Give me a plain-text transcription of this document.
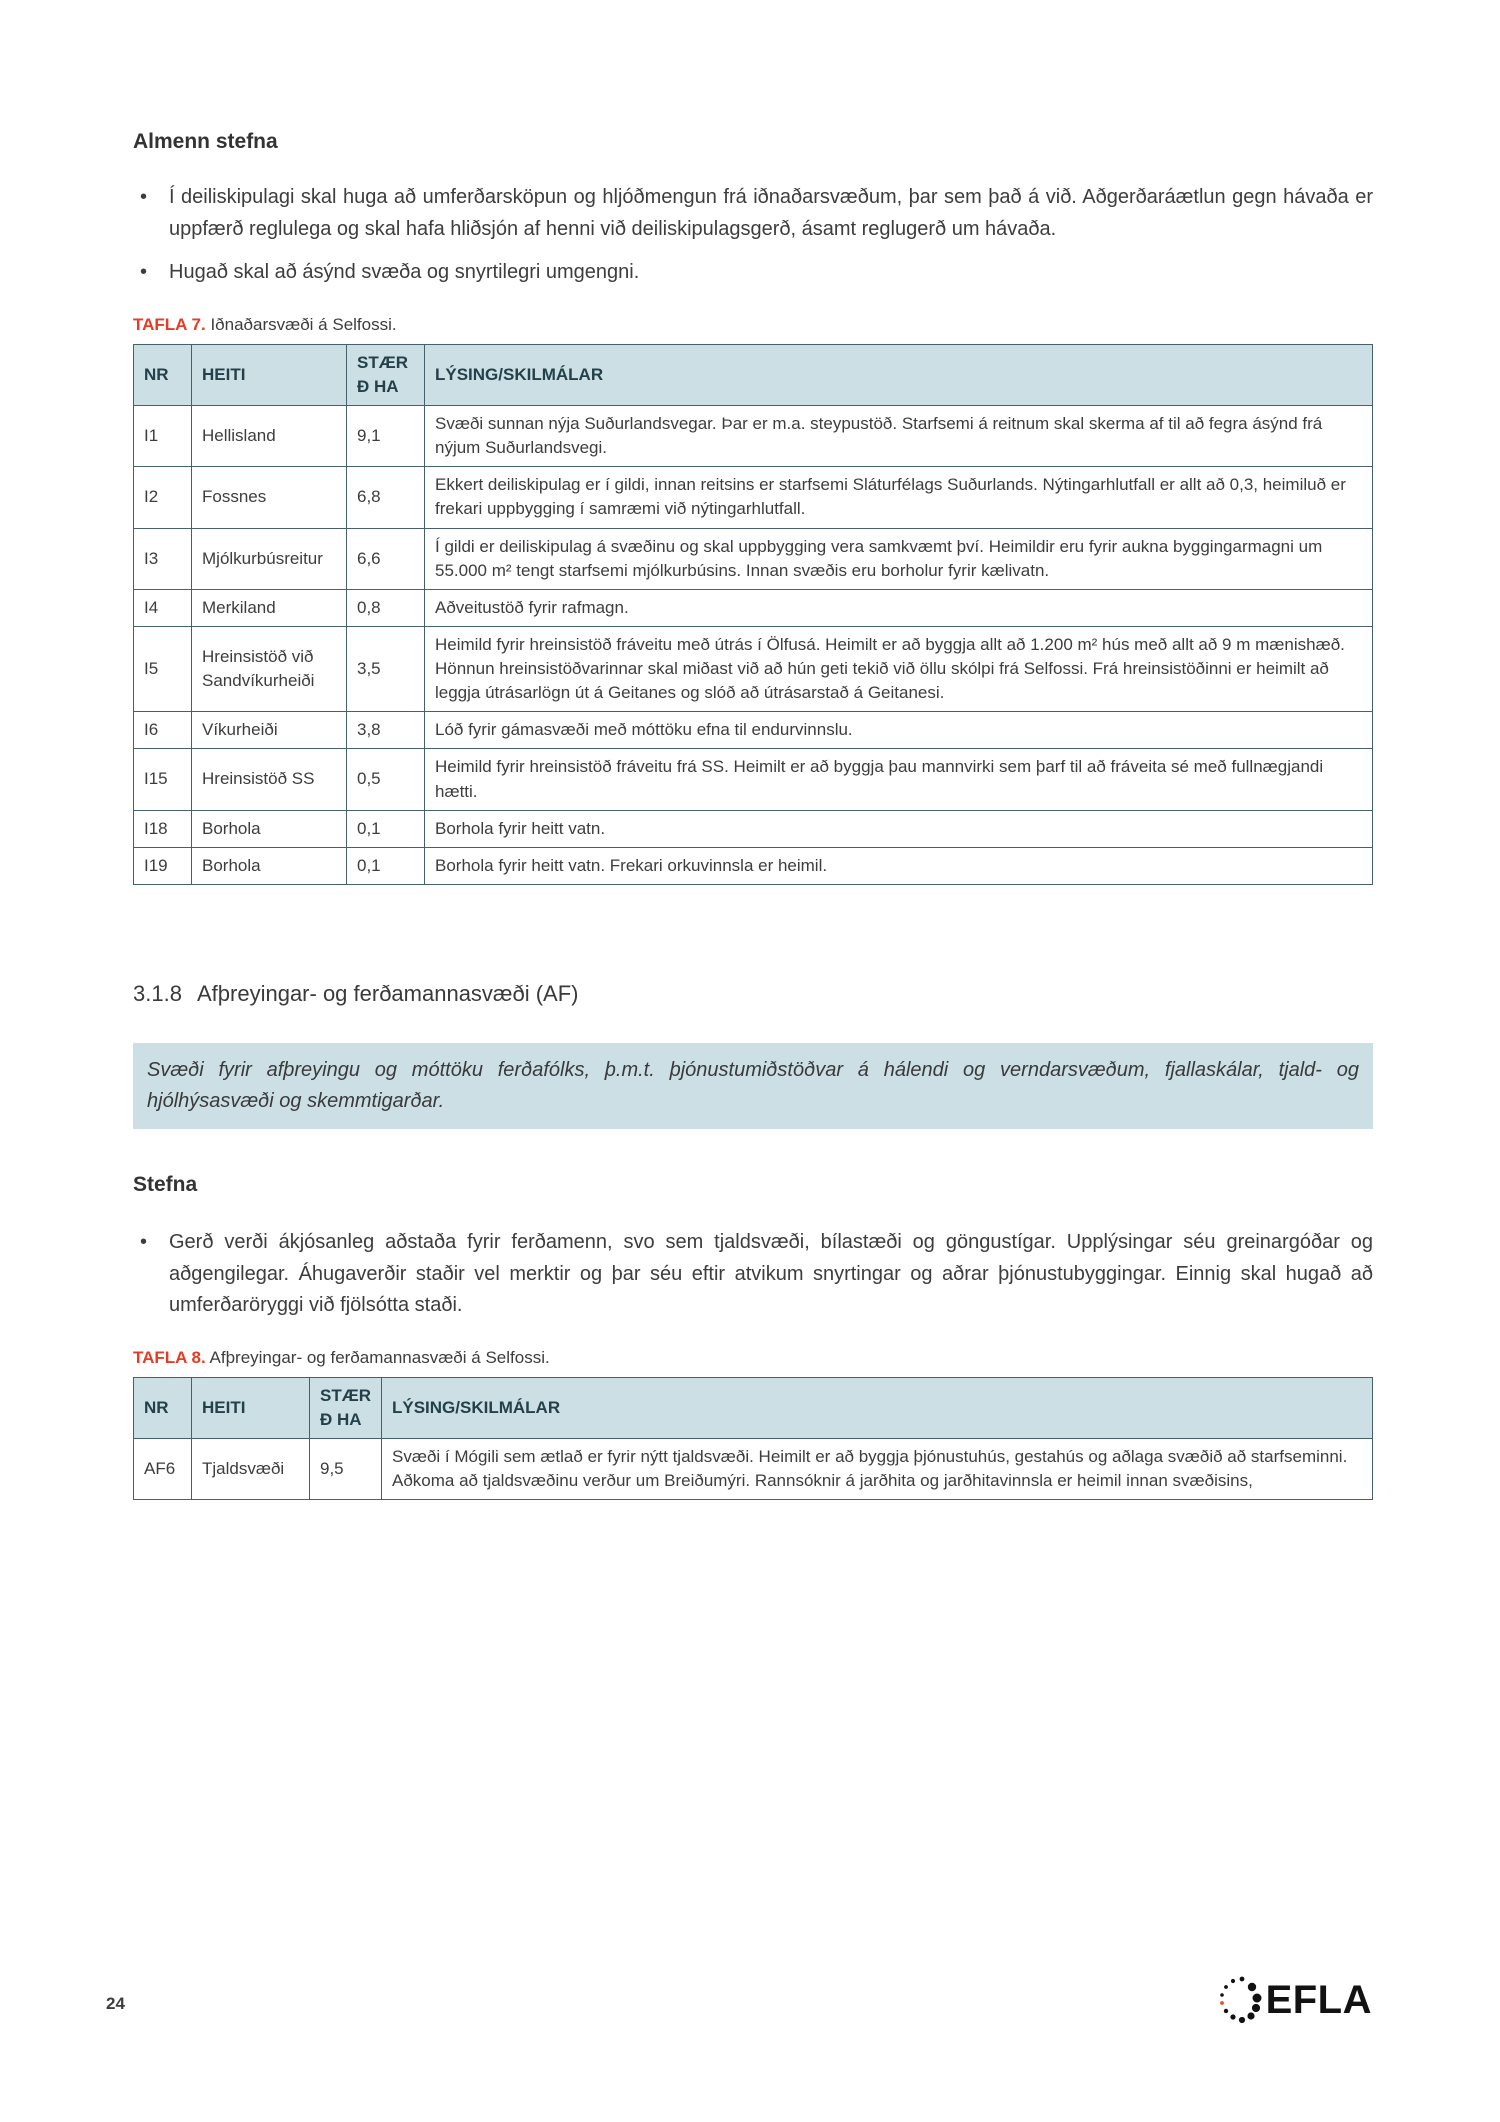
Almenn stefna
• Í deiliskipulagi skal huga að umferðarsköpun og hljóðmengun frá iðnaðarsvæðum, þar sem það á við. Aðgerðaráætlun gegn hávaða er uppfærð reglulega og skal hafa hliðsjón af henni við deiliskipulagsgerð, ásamt reglugerð um hávaða.
• Hugað skal að ásýnd svæða og snyrtilegri umgengni.

TAFLA 7. Iðnaðarsvæði á Selfossi.

NR	HEITI	STÆRÐ HA	LÝSING/SKILMÁLAR
I1	Hellisland	9,1	Svæði sunnan nýja Suðurlandsvegar. Þar er m.a. steypustöð. Starfsemi á reitnum skal skerma af til að fegra ásýnd frá nýjum Suðurlandsvegi.
I2	Fossnes	6,8	Ekkert deiliskipulag er í gildi, innan reitsins er starfsemi Sláturfélags Suðurlands. Nýtingarhlutfall er allt að 0,3, heimiluð er frekari uppbygging í samræmi við nýtingarhlutfall.
I3	Mjólkurbúsreitur	6,6	Í gildi er deiliskipulag á svæðinu og skal uppbygging vera samkvæmt því. Heimildir eru fyrir aukna byggingarmagni um 55.000 m² tengt starfsemi mjólkurbúsins. Innan svæðis eru borholur fyrir kælivatn.
I4	Merkiland	0,8	Aðveitustöð fyrir rafmagn.
I5	Hreinsistöð við Sandvíkurheiði	3,5	Heimild fyrir hreinsistöð fráveitu með útrás í Ölfusá. Heimilt er að byggja allt að 1.200 m² hús með allt að 9 m mænishæð. Hönnun hreinsistöðvarinnar skal miðast við að hún geti tekið við öllu skólpi frá Selfossi. Frá hreinsistöðinni er heimilt að leggja útrásarlögn út á Geitanes og slóð að útrásarstað á Geitanesi.
I6	Víkurheiði	3,8	Lóð fyrir gámasvæði með móttöku efna til endurvinnslu.
I15	Hreinsistöð SS	0,5	Heimild fyrir hreinsistöð fráveitu frá SS. Heimilt er að byggja þau mannvirki sem þarf til að fráveita sé með fullnægjandi hætti.
I18	Borhola	0,1	Borhola fyrir heitt vatn.
I19	Borhola	0,1	Borhola fyrir heitt vatn. Frekari orkuvinnsla er heimil.
3.1.8 Afþreyingar- og ferðamannasvæði (AF)
Svæði fyrir afþreyingu og móttöku ferðafólks, þ.m.t. þjónustumiðstöðvar á hálendi og verndarsvæðum, fjallaskálar, tjald- og hjólhýsasvæði og skemmtigarðar.
Stefna
• Gerð verði ákjósanleg aðstaða fyrir ferðamenn, svo sem tjaldsvæði, bílastæði og göngustígar. Upplýsingar séu greinargóðar og aðgengilegar. Áhugaverðir staðir vel merktir og þar séu eftir atvikum snyrtingar og aðrar þjónustubyggingar. Einnig skal hugað að umferðaröryggi við fjölsótta staði.

TAFLA 8. Afþreyingar- og ferðamannasvæði á Selfossi.

NR	HEITI	STÆRÐ HA	LÝSING/SKILMÁLAR
AF6	Tjaldsvæði	9,5	Svæði í Mógili sem ætlað er fyrir nýtt tjaldsvæði. Heimilt er að byggja þjónustuhús, gestahús og aðlaga svæðið að starfseminni. Aðkoma að tjaldsvæðinu verður um Breiðumýri. Rannsóknir á jarðhita og jarðhitavinnsla er heimil innan svæðisins,
24	EFLA
